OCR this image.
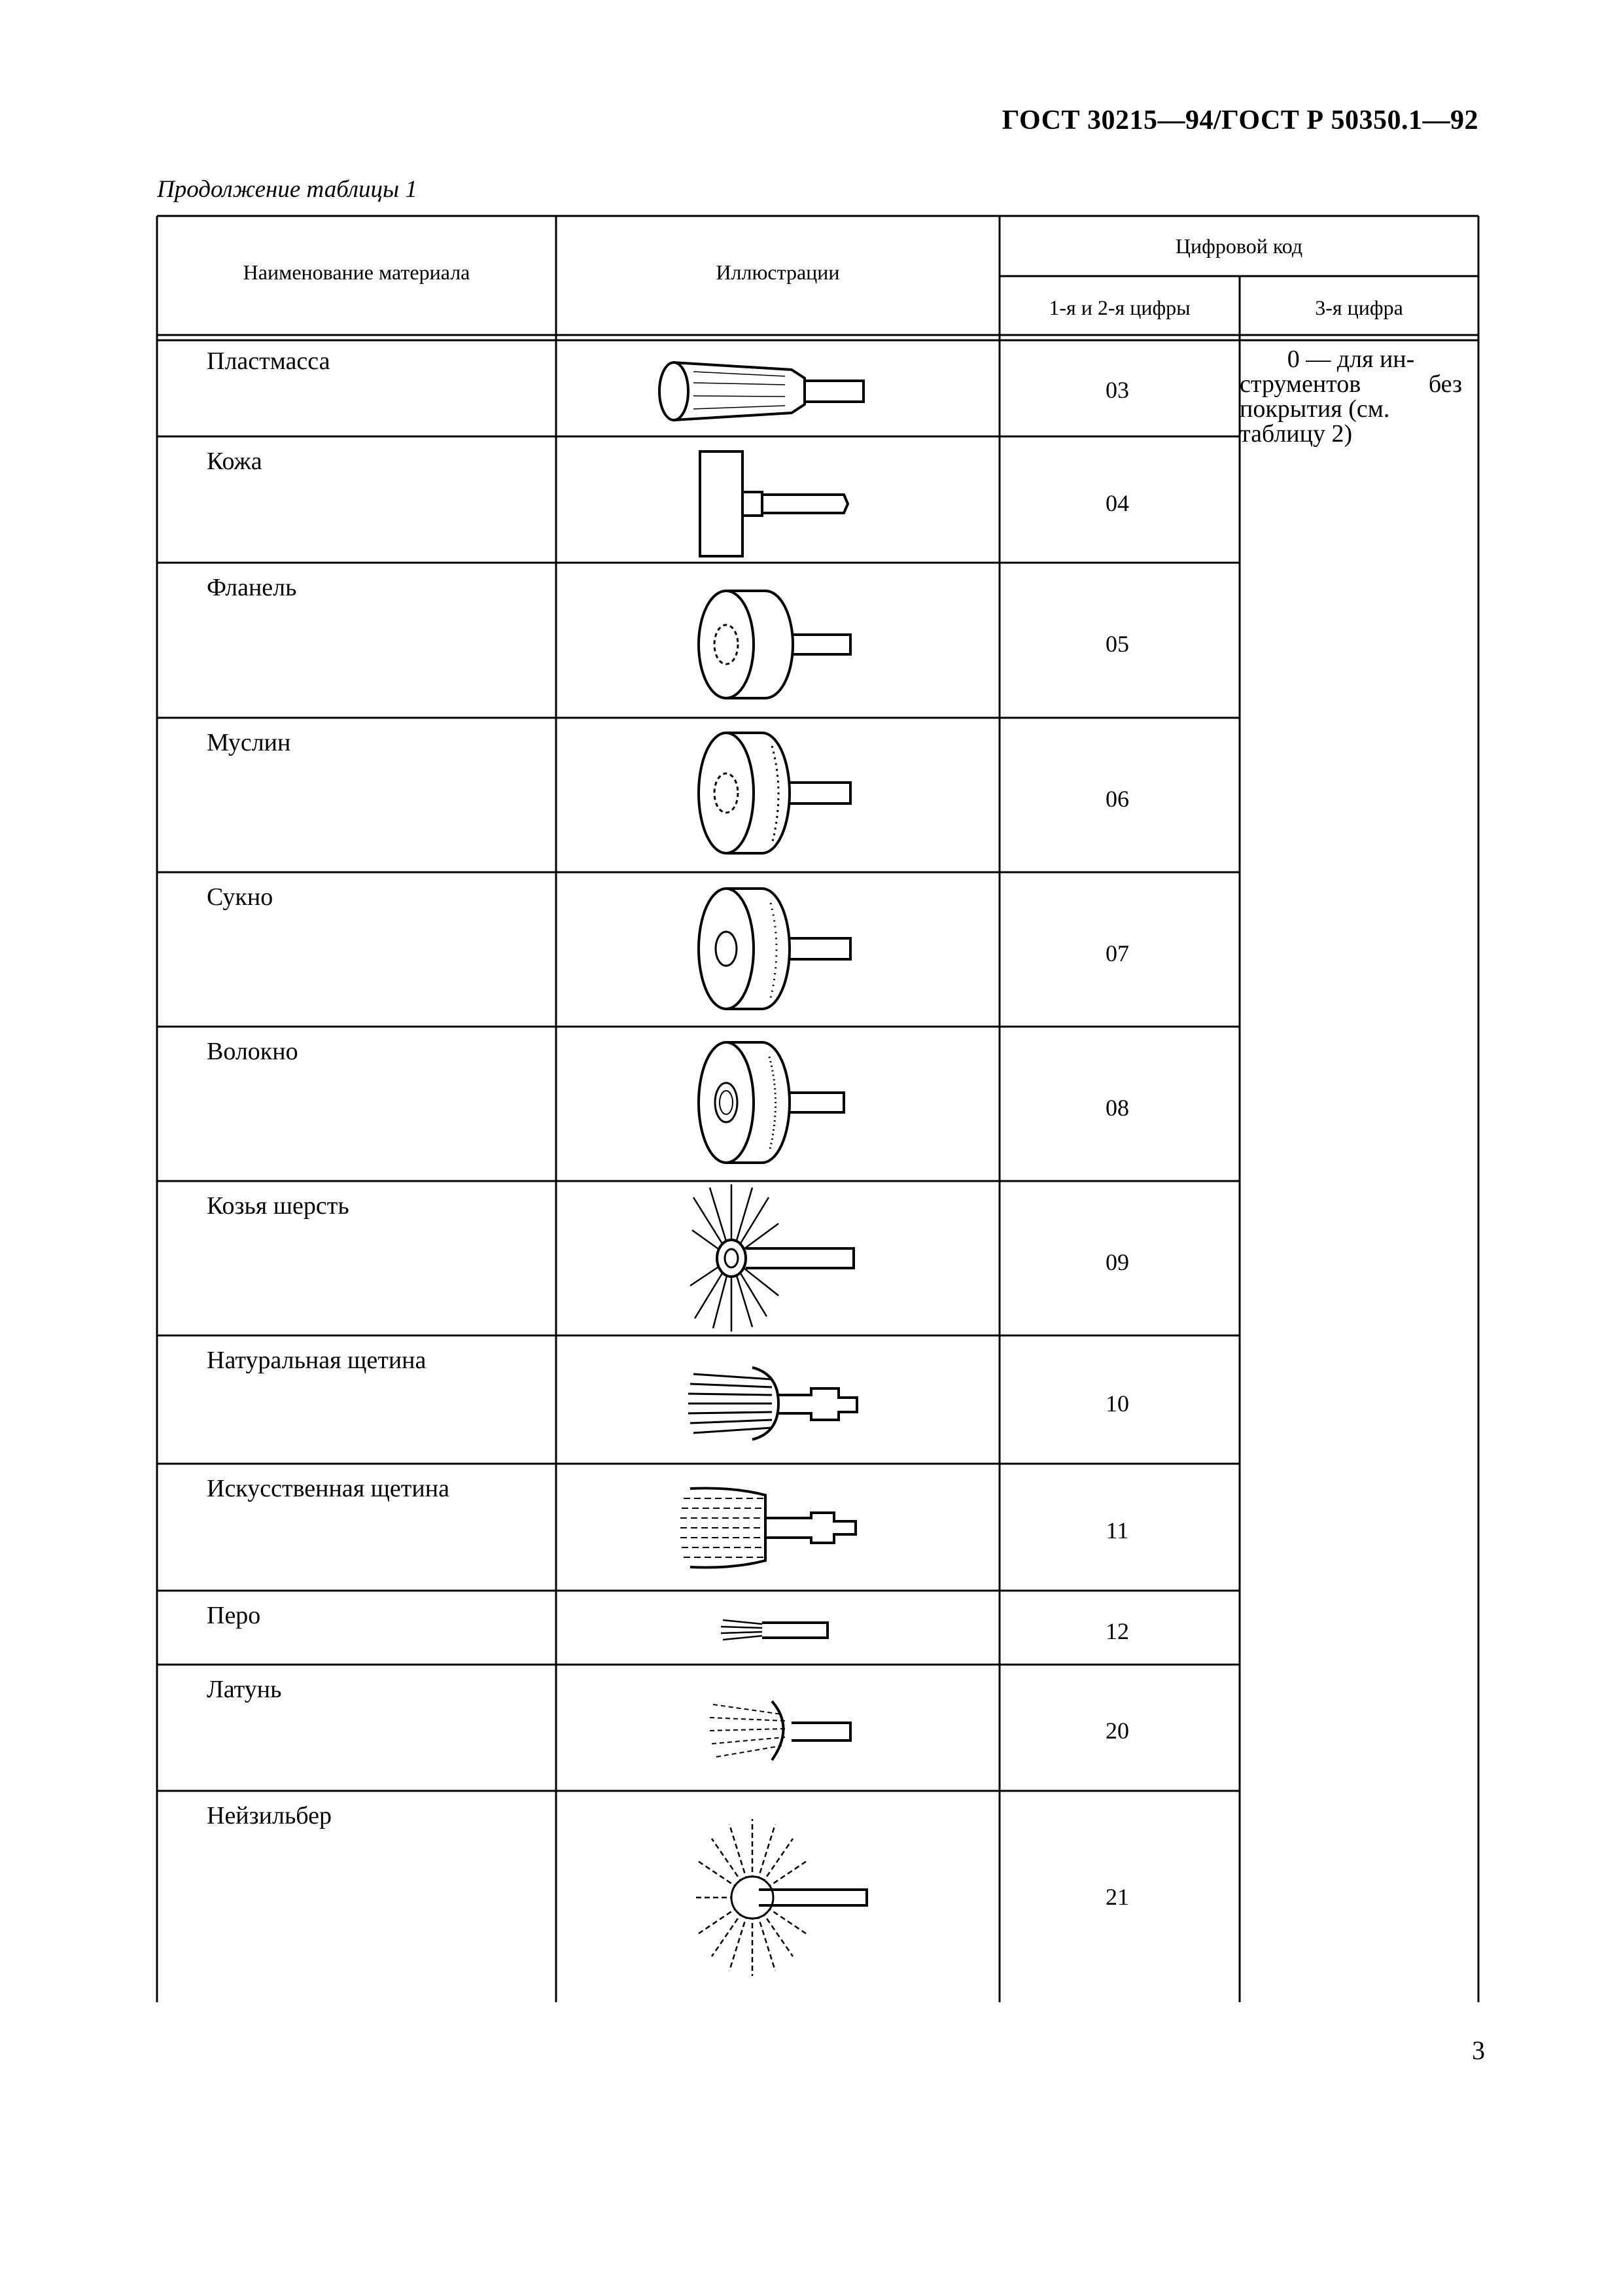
ГОСТ 30215—94/ГОСТ Р 50350.1—92
Продолжение таблицы 1
Наименование материала	Иллюстрации
Цифровой код
1-я и 2-я цифры	3-я цифра
Пластмасса
Кожа
Фланель
Муслин
Сукно
Волокно
Козья шерсть
Натуральная щетина
Искусственная щетина
Перо
Латунь
Нейзильбер
03
04
05
06
07
08
09
10
11
12
20
21
0 — для ин-
струментов без
покрытия (см.
таблицу 2)
3
